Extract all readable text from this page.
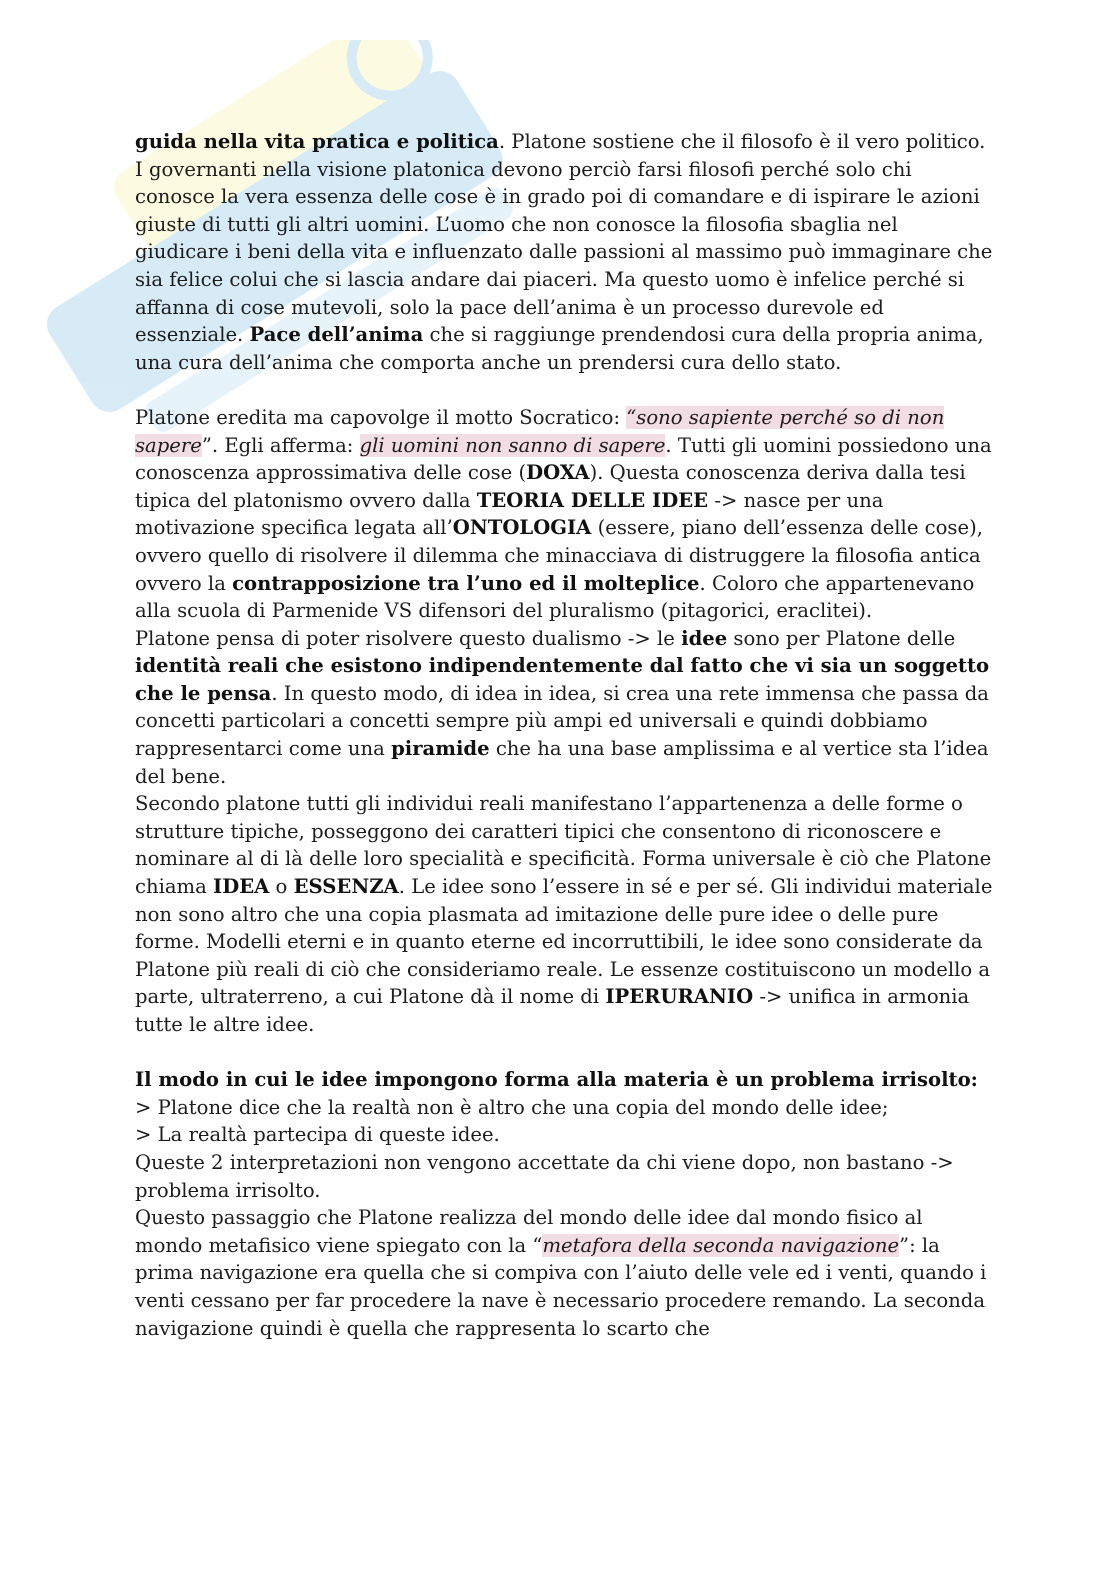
guida nella vita pratica e politica. Platone sostiene che il filosofo è il vero politico. I governanti nella visione platonica devono perciò farsi filosofi perché solo chi conosce la vera essenza delle cose è in grado poi di comandare e di ispirare le azioni giuste di tutti gli altri uomini. L’uomo che non conosce la filosofia sbaglia nel giudicare i beni della vita e influenzato dalle passioni al massimo può immaginare che sia felice colui che si lascia andare dai piaceri. Ma questo uomo è infelice perché si affanna di cose mutevoli, solo la pace dell’anima è un processo durevole ed essenziale. Pace dell’anima che si raggiunge prendendosi cura della propria anima, una cura dell’anima che comporta anche un prendersi cura dello stato.

Platone eredita ma capovolge il motto Socratico: “sono sapiente perché so di non sapere”. Egli afferma: gli uomini non sanno di sapere. Tutti gli uomini possiedono una conoscenza approssimativa delle cose (DOXA). Questa conoscenza deriva dalla tesi tipica del platonismo ovvero dalla TEORIA DELLE IDEE -> nasce per una motivazione specifica legata all’ONTOLOGIA (essere, piano dell’essenza delle cose), ovvero quello di risolvere il dilemma che minacciava di distruggere la filosofia antica ovvero la contrapposizione tra l’uno ed il molteplice. Coloro che appartenevano alla scuola di Parmenide VS difensori del pluralismo (pitagorici, eraclitei).

Platone pensa di poter risolvere questo dualismo -> le idee sono per Platone delle identità reali che esistono indipendentemente dal fatto che vi sia un soggetto che le pensa. In questo modo, di idea in idea, si crea una rete immensa che passa da concetti particolari a concetti sempre più ampi ed universali e quindi dobbiamo rappresentarci come una piramide che ha una base amplissima e al vertice sta l’idea del bene.

Secondo platone tutti gli individui reali manifestano l’appartenenza a delle forme o strutture tipiche, posseggono dei caratteri tipici che consentono di riconoscere e nominare al di là delle loro specialità e specificità. Forma universale è ciò che Platone chiama IDEA o ESSENZA. Le idee sono l’essere in sé e per sé. Gli individui materiale non sono altro che una copia plasmata ad imitazione delle pure idee o delle pure forme. Modelli eterni e in quanto eterne ed incorruttibili, le idee sono considerate da Platone più reali di ciò che consideriamo reale. Le essenze costituiscono un modello a parte, ultraterreno, a cui Platone dà il nome di IPERURANIO -> unifica in armonia tutte le altre idee.

Il modo in cui le idee impongono forma alla materia è un problema irrisolto:

> Platone dice che la realtà non è altro che una copia del mondo delle idee;

> La realtà partecipa di queste idee.

Queste 2 interpretazioni non vengono accettate da chi viene dopo, non bastano -> problema irrisolto.

Questo passaggio che Platone realizza del mondo delle idee dal mondo fisico al mondo metafisico viene spiegato con la “metafora della seconda navigazione”: la prima navigazione era quella che si compiva con l’aiuto delle vele ed i venti, quando i venti cessano per far procedere la nave è necessario procedere remando. La seconda navigazione quindi è quella che rappresenta lo scarto che
